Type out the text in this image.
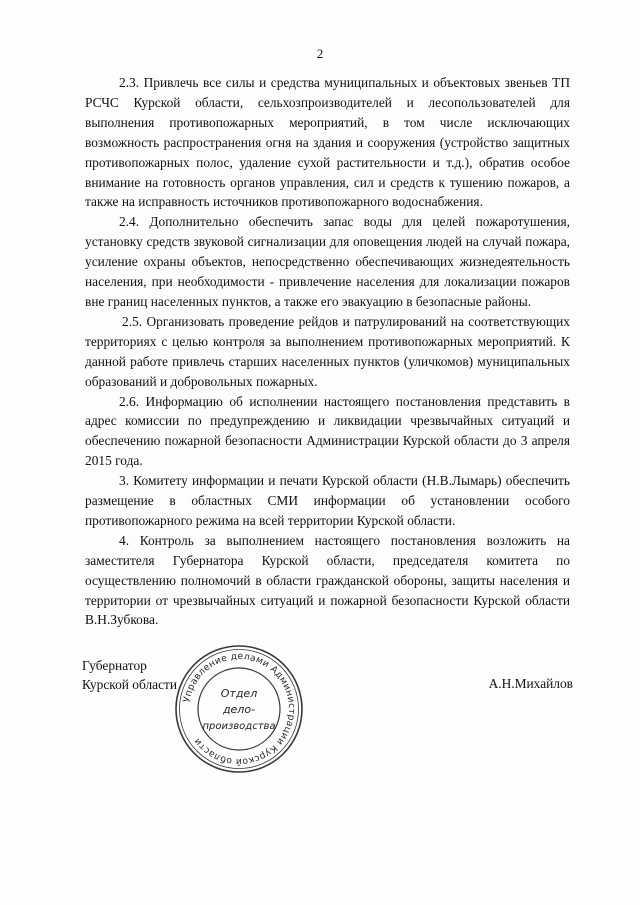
2

2.3. Привлечь все силы и средства муниципальных и объектовых звеньев ТП РСЧС Курской области, сельхозпроизводителей и лесопользователей для выполнения противопожарных мероприятий, в том числе исключающих возможность распространения огня на здания и сооружения (устройство защитных противопожарных полос, удаление сухой растительности и т.д.), обратив особое внимание на готовность органов управления, сил и средств к тушению пожаров, а также на исправность источников противопожарного водоснабжения.

2.4. Дополнительно обеспечить запас воды для целей пожаротушения, установку средств звуковой сигнализации для оповещения людей на случай пожара, усиление охраны объектов, непосредственно обеспечивающих жизнедеятельность населения, при необходимости - привлечение населения для локализации пожаров вне границ населенных пунктов, а также его эвакуацию в безопасные районы.

2.5. Организовать проведение рейдов и патрулирований на соответствующих территориях с целью контроля за выполнением противопожарных мероприятий. К данной работе привлечь старших населенных пунктов (уличкомов) муниципальных образований и добровольных пожарных.

2.6. Информацию об исполнении настоящего постановления представить в адрес комиссии по предупреждению и ликвидации чрезвычайных ситуаций и обеспечению пожарной безопасности Администрации Курской области до 3 апреля 2015 года.

3. Комитету информации и печати Курской области (Н.В.Лымарь) обеспечить размещение в областных СМИ информации об установлении особого противопожарного режима на всей территории Курской области.

4. Контроль за выполнением настоящего постановления возложить на заместителя Губернатора Курской области, председателя комитета по осуществлению полномочий в области гражданской обороны, защиты населения и территории от чрезвычайных ситуаций и пожарной безопасности Курской области В.Н.Зубкова.

Губернатор
Курской области	А.Н.Михайлов
Управление делами Администрации Курской области
Отдел
дело-
производства
